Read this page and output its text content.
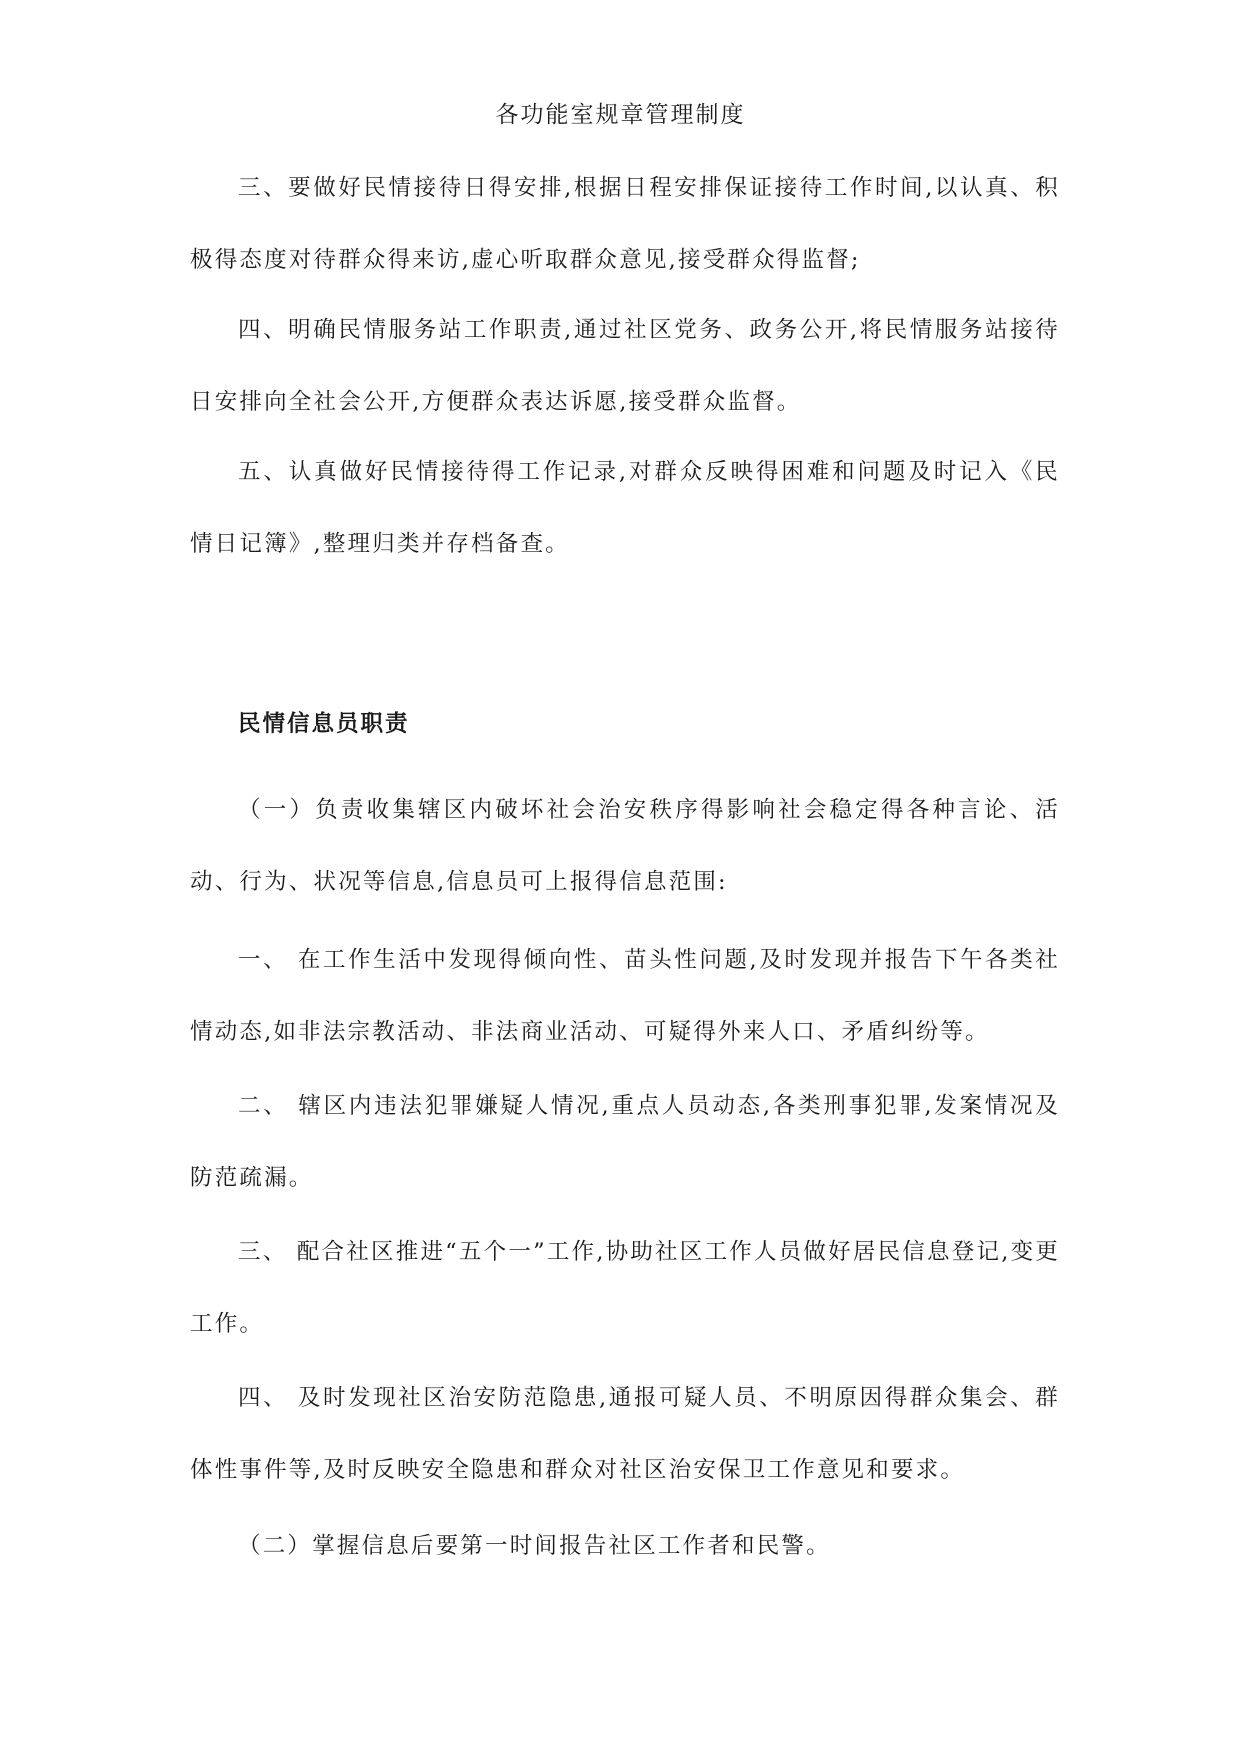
各功能室规章管理制度

三、要做好民情接待日得安排,根据日程安排保证接待工作时间,以认真、积极得态度对待群众得来访,虚心听取群众意见,接受群众得监督;

四、明确民情服务站工作职责,通过社区党务、政务公开,将民情服务站接待日安排向全社会公开,方便群众表达诉愿,接受群众监督。

五、认真做好民情接待得工作记录,对群众反映得困难和问题及时记入《民情日记簿》,整理归类并存档备查。

民情信息员职责

（一）负责收集辖区内破坏社会治安秩序得影响社会稳定得各种言论、活动、行为、状况等信息,信息员可上报得信息范围:

一、 在工作生活中发现得倾向性、苗头性问题,及时发现并报告下午各类社情动态,如非法宗教活动、非法商业活动、可疑得外来人口、矛盾纠纷等。

二、 辖区内违法犯罪嫌疑人情况,重点人员动态,各类刑事犯罪,发案情况及防范疏漏。

三、 配合社区推进“五个一”工作,协助社区工作人员做好居民信息登记,变更工作。

四、 及时发现社区治安防范隐患,通报可疑人员、不明原因得群众集会、群体性事件等,及时反映安全隐患和群众对社区治安保卫工作意见和要求。

（二）掌握信息后要第一时间报告社区工作者和民警。
